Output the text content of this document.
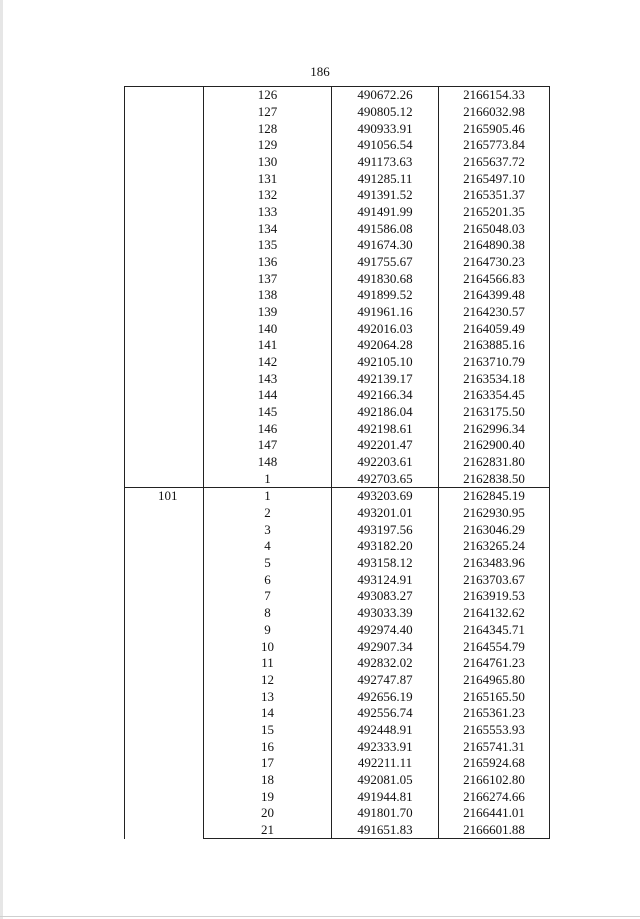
186
	126	490672.26	2166154.33
	127	490805.12	2166032.98
	128	490933.91	2165905.46
	129	491056.54	2165773.84
	130	491173.63	2165637.72
	131	491285.11	2165497.10
	132	491391.52	2165351.37
	133	491491.99	2165201.35
	134	491586.08	2165048.03
	135	491674.30	2164890.38
	136	491755.67	2164730.23
	137	491830.68	2164566.83
	138	491899.52	2164399.48
	139	491961.16	2164230.57
	140	492016.03	2164059.49
	141	492064.28	2163885.16
	142	492105.10	2163710.79
	143	492139.17	2163534.18
	144	492166.34	2163354.45
	145	492186.04	2163175.50
	146	492198.61	2162996.34
	147	492201.47	2162900.40
	148	492203.61	2162831.80
	1	492703.65	2162838.50
101	1	493203.69	2162845.19
	2	493201.01	2162930.95
	3	493197.56	2163046.29
	4	493182.20	2163265.24
	5	493158.12	2163483.96
	6	493124.91	2163703.67
	7	493083.27	2163919.53
	8	493033.39	2164132.62
	9	492974.40	2164345.71
	10	492907.34	2164554.79
	11	492832.02	2164761.23
	12	492747.87	2164965.80
	13	492656.19	2165165.50
	14	492556.74	2165361.23
	15	492448.91	2165553.93
	16	492333.91	2165741.31
	17	492211.11	2165924.68
	18	492081.05	2166102.80
	19	491944.81	2166274.66
	20	491801.70	2166441.01
	21	491651.83	2166601.88
